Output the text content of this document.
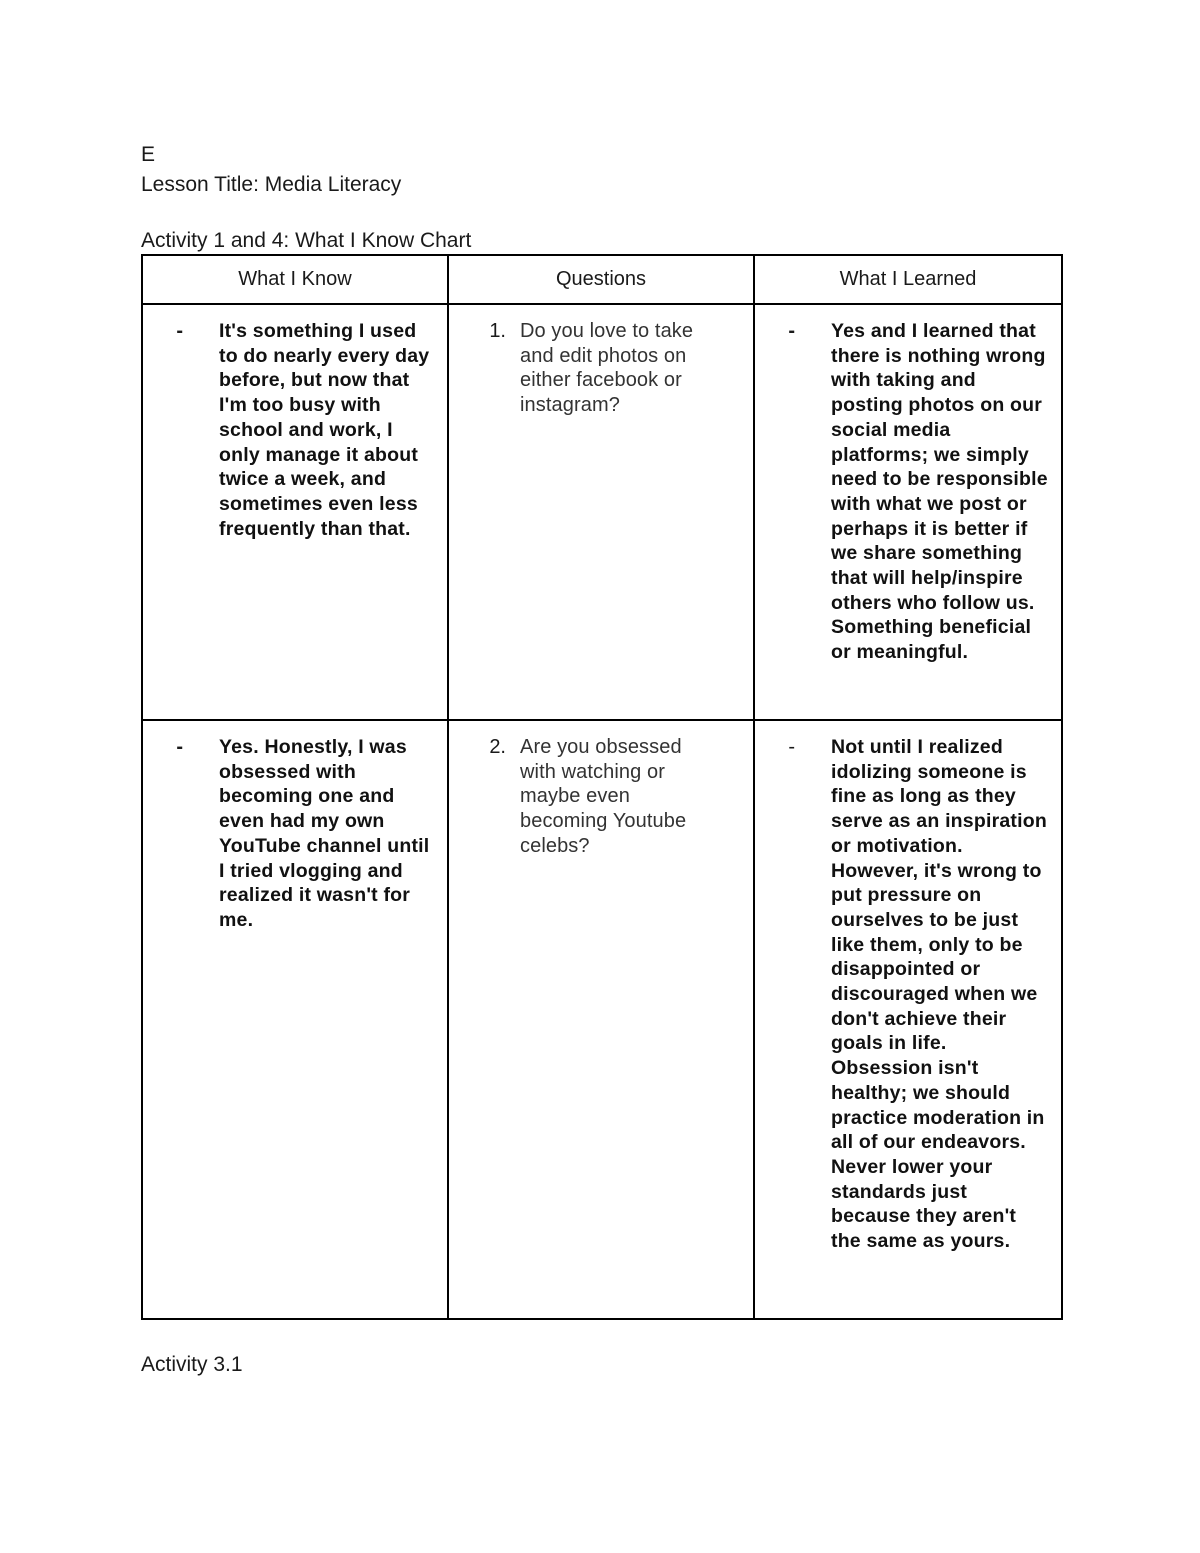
E
Lesson Title: Media Literacy
Activity 1 and 4: What I Know Chart
What I Know	Questions	What I Learned

- It's something I used to do nearly every day before, but now that I'm too busy with school and work, I only manage it about twice a week, and sometimes even less frequently than that.	1. Do you love to take and edit photos on either facebook or instagram?	- Yes and I learned that there is nothing wrong with taking and posting photos on our social media platforms; we simply need to be responsible with what we post or perhaps it is better if we share something that will help/inspire others who follow us. Something beneficial or meaningful.

- Yes. Honestly, I was obsessed with becoming one and even had my own YouTube channel until I tried vlogging and realized it wasn't for me.	2. Are you obsessed with watching or maybe even becoming Youtube celebs?	- Not until I realized idolizing someone is fine as long as they serve as an inspiration or motivation. However, it's wrong to put pressure on ourselves to be just like them, only to be disappointed or discouraged when we don't achieve their goals in life. Obsession isn't healthy; we should practice moderation in all of our endeavors. Never lower your standards just because they aren't the same as yours.
Activity 3.1
